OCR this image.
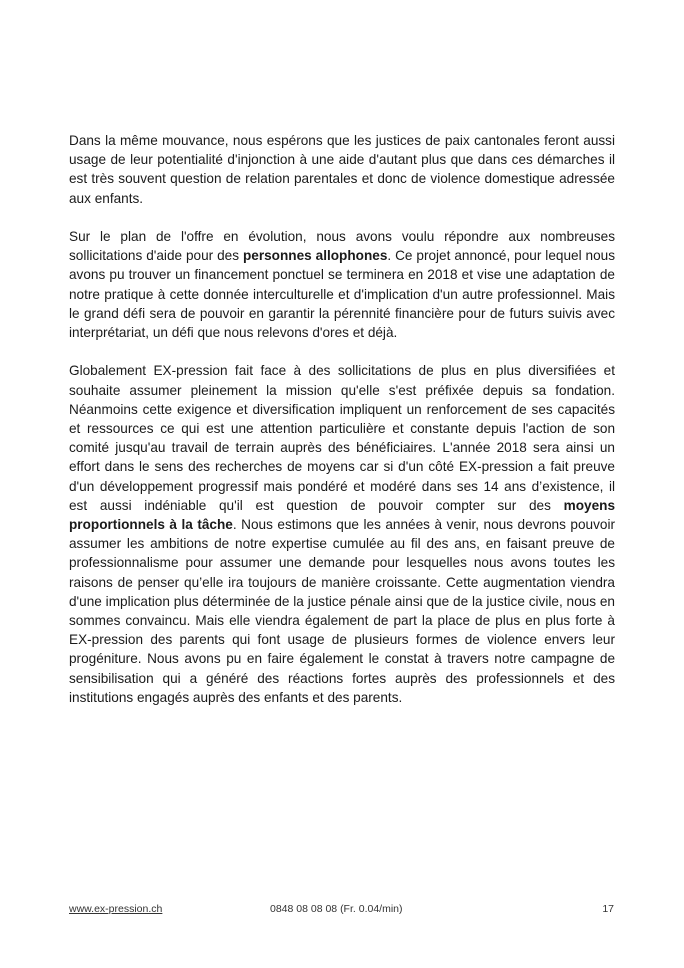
Dans la même mouvance, nous espérons que les justices de paix cantonales feront aussi usage de leur potentialité d'injonction à une aide d'autant plus que dans ces démarches il est très souvent question de relation parentales et donc de violence domestique adressée aux enfants.

Sur le plan de l'offre en évolution, nous avons voulu répondre aux nombreuses sollicitations d'aide pour des personnes allophones. Ce projet annoncé, pour lequel nous avons pu trouver un financement ponctuel se terminera en 2018 et vise une adaptation de notre pratique à cette donnée interculturelle et d'implication d'un autre professionnel. Mais le grand défi sera de pouvoir en garantir la pérennité financière pour de futurs suivis avec interprétariat, un défi que nous relevons d'ores et déjà.

Globalement EX-pression fait face à des sollicitations de plus en plus diversifiées et souhaite assumer pleinement la mission qu'elle s'est préfixée depuis sa fondation. Néanmoins cette exigence et diversification impliquent un renforcement de ses capacités et ressources ce qui est une attention particulière et constante depuis l'action de son comité jusqu'au travail de terrain auprès des bénéficiaires. L'année 2018 sera ainsi un effort dans le sens des recherches de moyens car si d'un côté EX-pression a fait preuve d'un développement progressif mais pondéré et modéré dans ses 14 ans d’existence, il est aussi indéniable qu'il est question de pouvoir compter sur des moyens proportionnels à la tâche. Nous estimons que les années à venir, nous devrons pouvoir assumer les ambitions de notre expertise cumulée au fil des ans, en faisant preuve de professionnalisme pour assumer une demande pour lesquelles nous avons toutes les raisons de penser qu’elle ira toujours de manière croissante. Cette augmentation viendra d'une implication plus déterminée de la justice pénale ainsi que de la justice civile, nous en sommes convaincu. Mais elle viendra également de part la place de plus en plus forte à EX-pression des parents qui font usage de plusieurs formes de violence envers leur progéniture. Nous avons pu en faire également le constat à travers notre campagne de sensibilisation qui a généré des réactions fortes auprès des professionnels et des institutions engagés auprès des enfants et des parents.

www.ex-pression.ch	0848 08 08 08 (Fr. 0.04/min)	17
